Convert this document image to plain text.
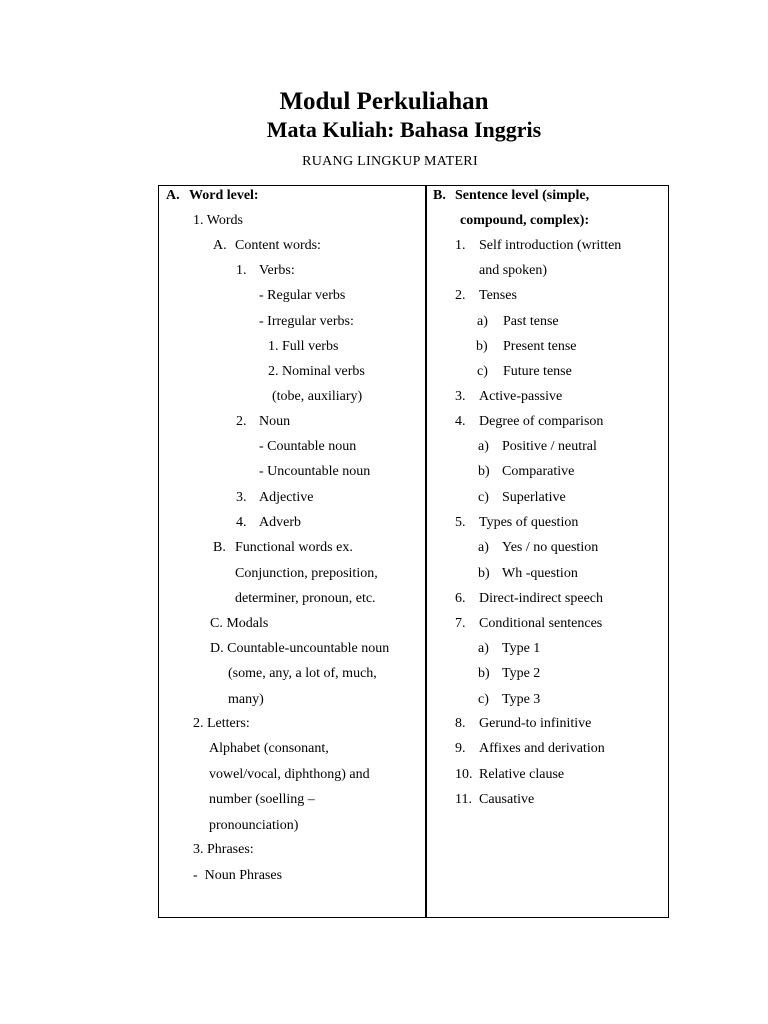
Modul Perkuliahan
Mata Kuliah: Bahasa Inggris
RUANG LINGKUP MATERI
A. Word level:
1. Words
A. Content words:
1. Verbs:
- Regular verbs
- Irregular verbs:
1. Full verbs
2. Nominal verbs
(tobe, auxiliary)
2. Noun
- Countable noun
- Uncountable noun
3. Adjective
4. Adverb
B. Functional words ex.
Conjunction, preposition,
determiner, pronoun, etc.
C. Modals
D. Countable-uncountable noun
(some, any, a lot of, much,
many)
2. Letters:
Alphabet (consonant,
vowel/vocal, diphthong) and
number (soelling –
pronounciation)
3. Phrases:
-  Noun Phrases
B. Sentence level (simple,
compound, complex):
1. Self introduction (written
and spoken)
2. Tenses
a) Past tense
b) Present tense
c) Future tense
3. Active-passive
4. Degree of comparison
a) Positive / neutral
b) Comparative
c) Superlative
5. Types of question
a) Yes / no question
b) Wh -question
6. Direct-indirect speech
7. Conditional sentences
a) Type 1
b) Type 2
c) Type 3
8. Gerund-to infinitive
9. Affixes and derivation
10. Relative clause
11. Causative
